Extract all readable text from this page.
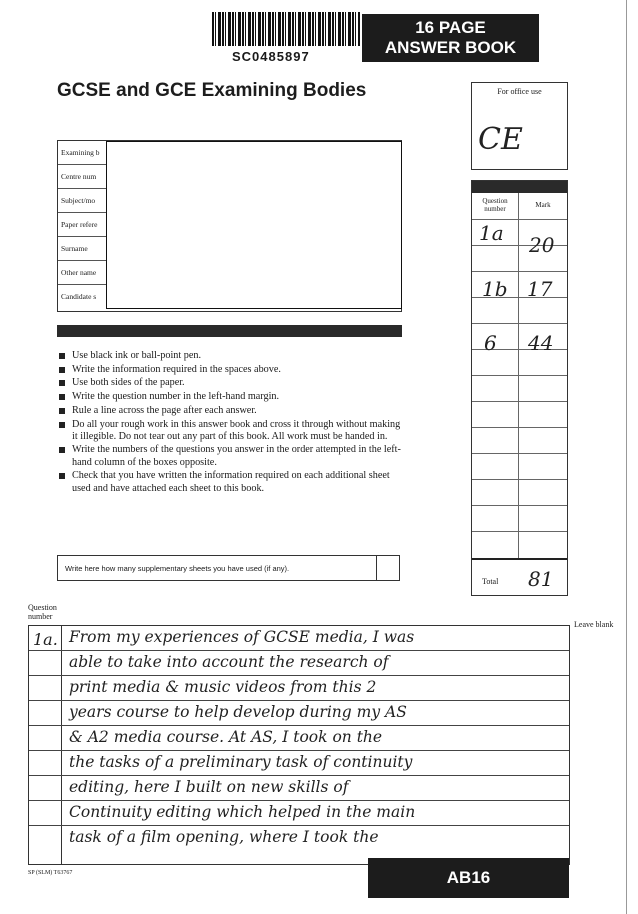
SC0485897
16 PAGE
ANSWER BOOK
GCSE and GCE Examining Bodies	For office use
CE
Examining b
Centre num
Subject/mo
Paper refere
Surname
Other name
Candidate s
Use black ink or ball-point pen.
Write the information required in the spaces above.
Use both sides of the paper.
Write the question number in the left-hand margin.
Rule a line across the page after each answer.
Do all your rough work in this answer book and cross it through without making it illegible. Do not tear out any part of this book. All work must be handed in.
Write the numbers of the questions you answer in the order attempted in the left-hand column of the boxes opposite.
Check that you have written the information required on each additional sheet used and have attached each sheet to this book.
Write here how many supplementary sheets you have used (if any).
Question number	Mark
1a 20
1b 17
6 44
Total 81
Question number
Leave blank
1a. From my experiences of GCSE media, I was
able to take into account the research of
print media & music videos from this 2
years course to help develop during my AS
& A2 media course. At AS, I took on the
the tasks of a preliminary task of continuity
editing, here I built on new skills of
Continuity editing which helped in the main
task of a film opening, where I took the
SP (SLM) T63767	AB16
